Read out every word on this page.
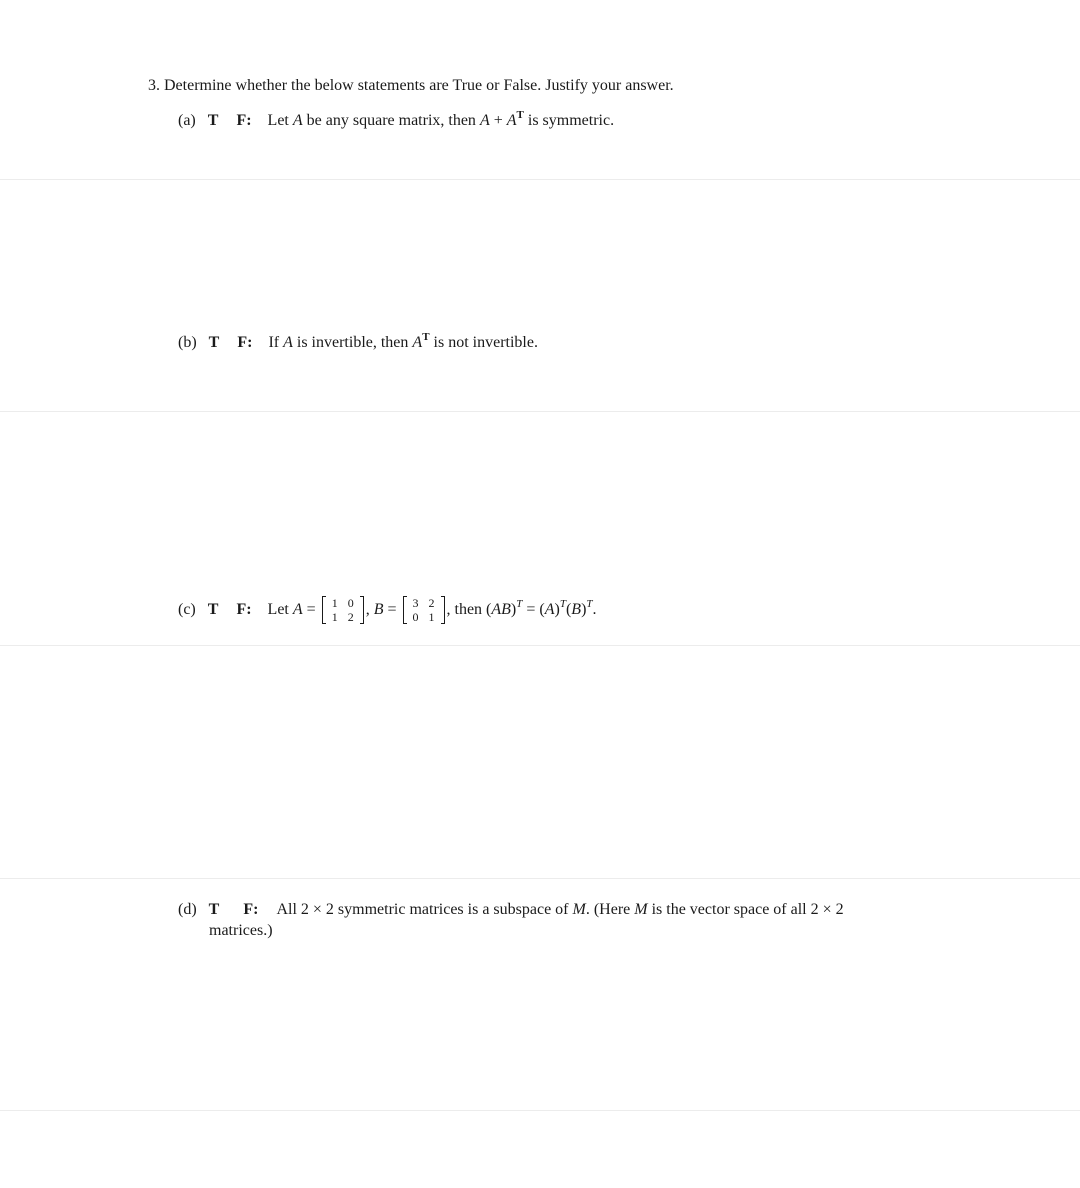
3. Determine whether the below statements are True or False. Justify your answer.
(a) T F: Let A be any square matrix, then $A + A^T$ is symmetric.
(b) T F: If A is invertible, then $A^T$ is not invertible.
(c) T F: Let A =	1 0
1 2 , B =	3 2
0 1 , then $(AB)^T = (A)^T(B)^T$.
(d) T F: All 2 × 2 symmetric matrices is a subspace of M. (Here M is the vector space of all 2 × 2
matrices.)
